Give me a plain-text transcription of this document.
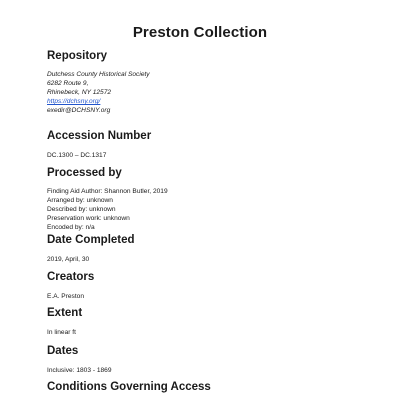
Preston Collection
Repository
Dutchess County Historical Society
6282 Route 9,
Rhinebeck, NY 12572
https://dchsny.org/
exedir@DCHSNY.org
Accession Number
DC.1300 – DC.1317
Processed by
Finding Aid Author: Shannon Butler, 2019
Arranged by: unknown
Described by: unknown
Preservation work: unknown
Encoded by: n/a
Date Completed
2019, April, 30
Creators
E.A. Preston
Extent
In linear ft
Dates
Inclusive: 1803 - 1869
Conditions Governing Access
